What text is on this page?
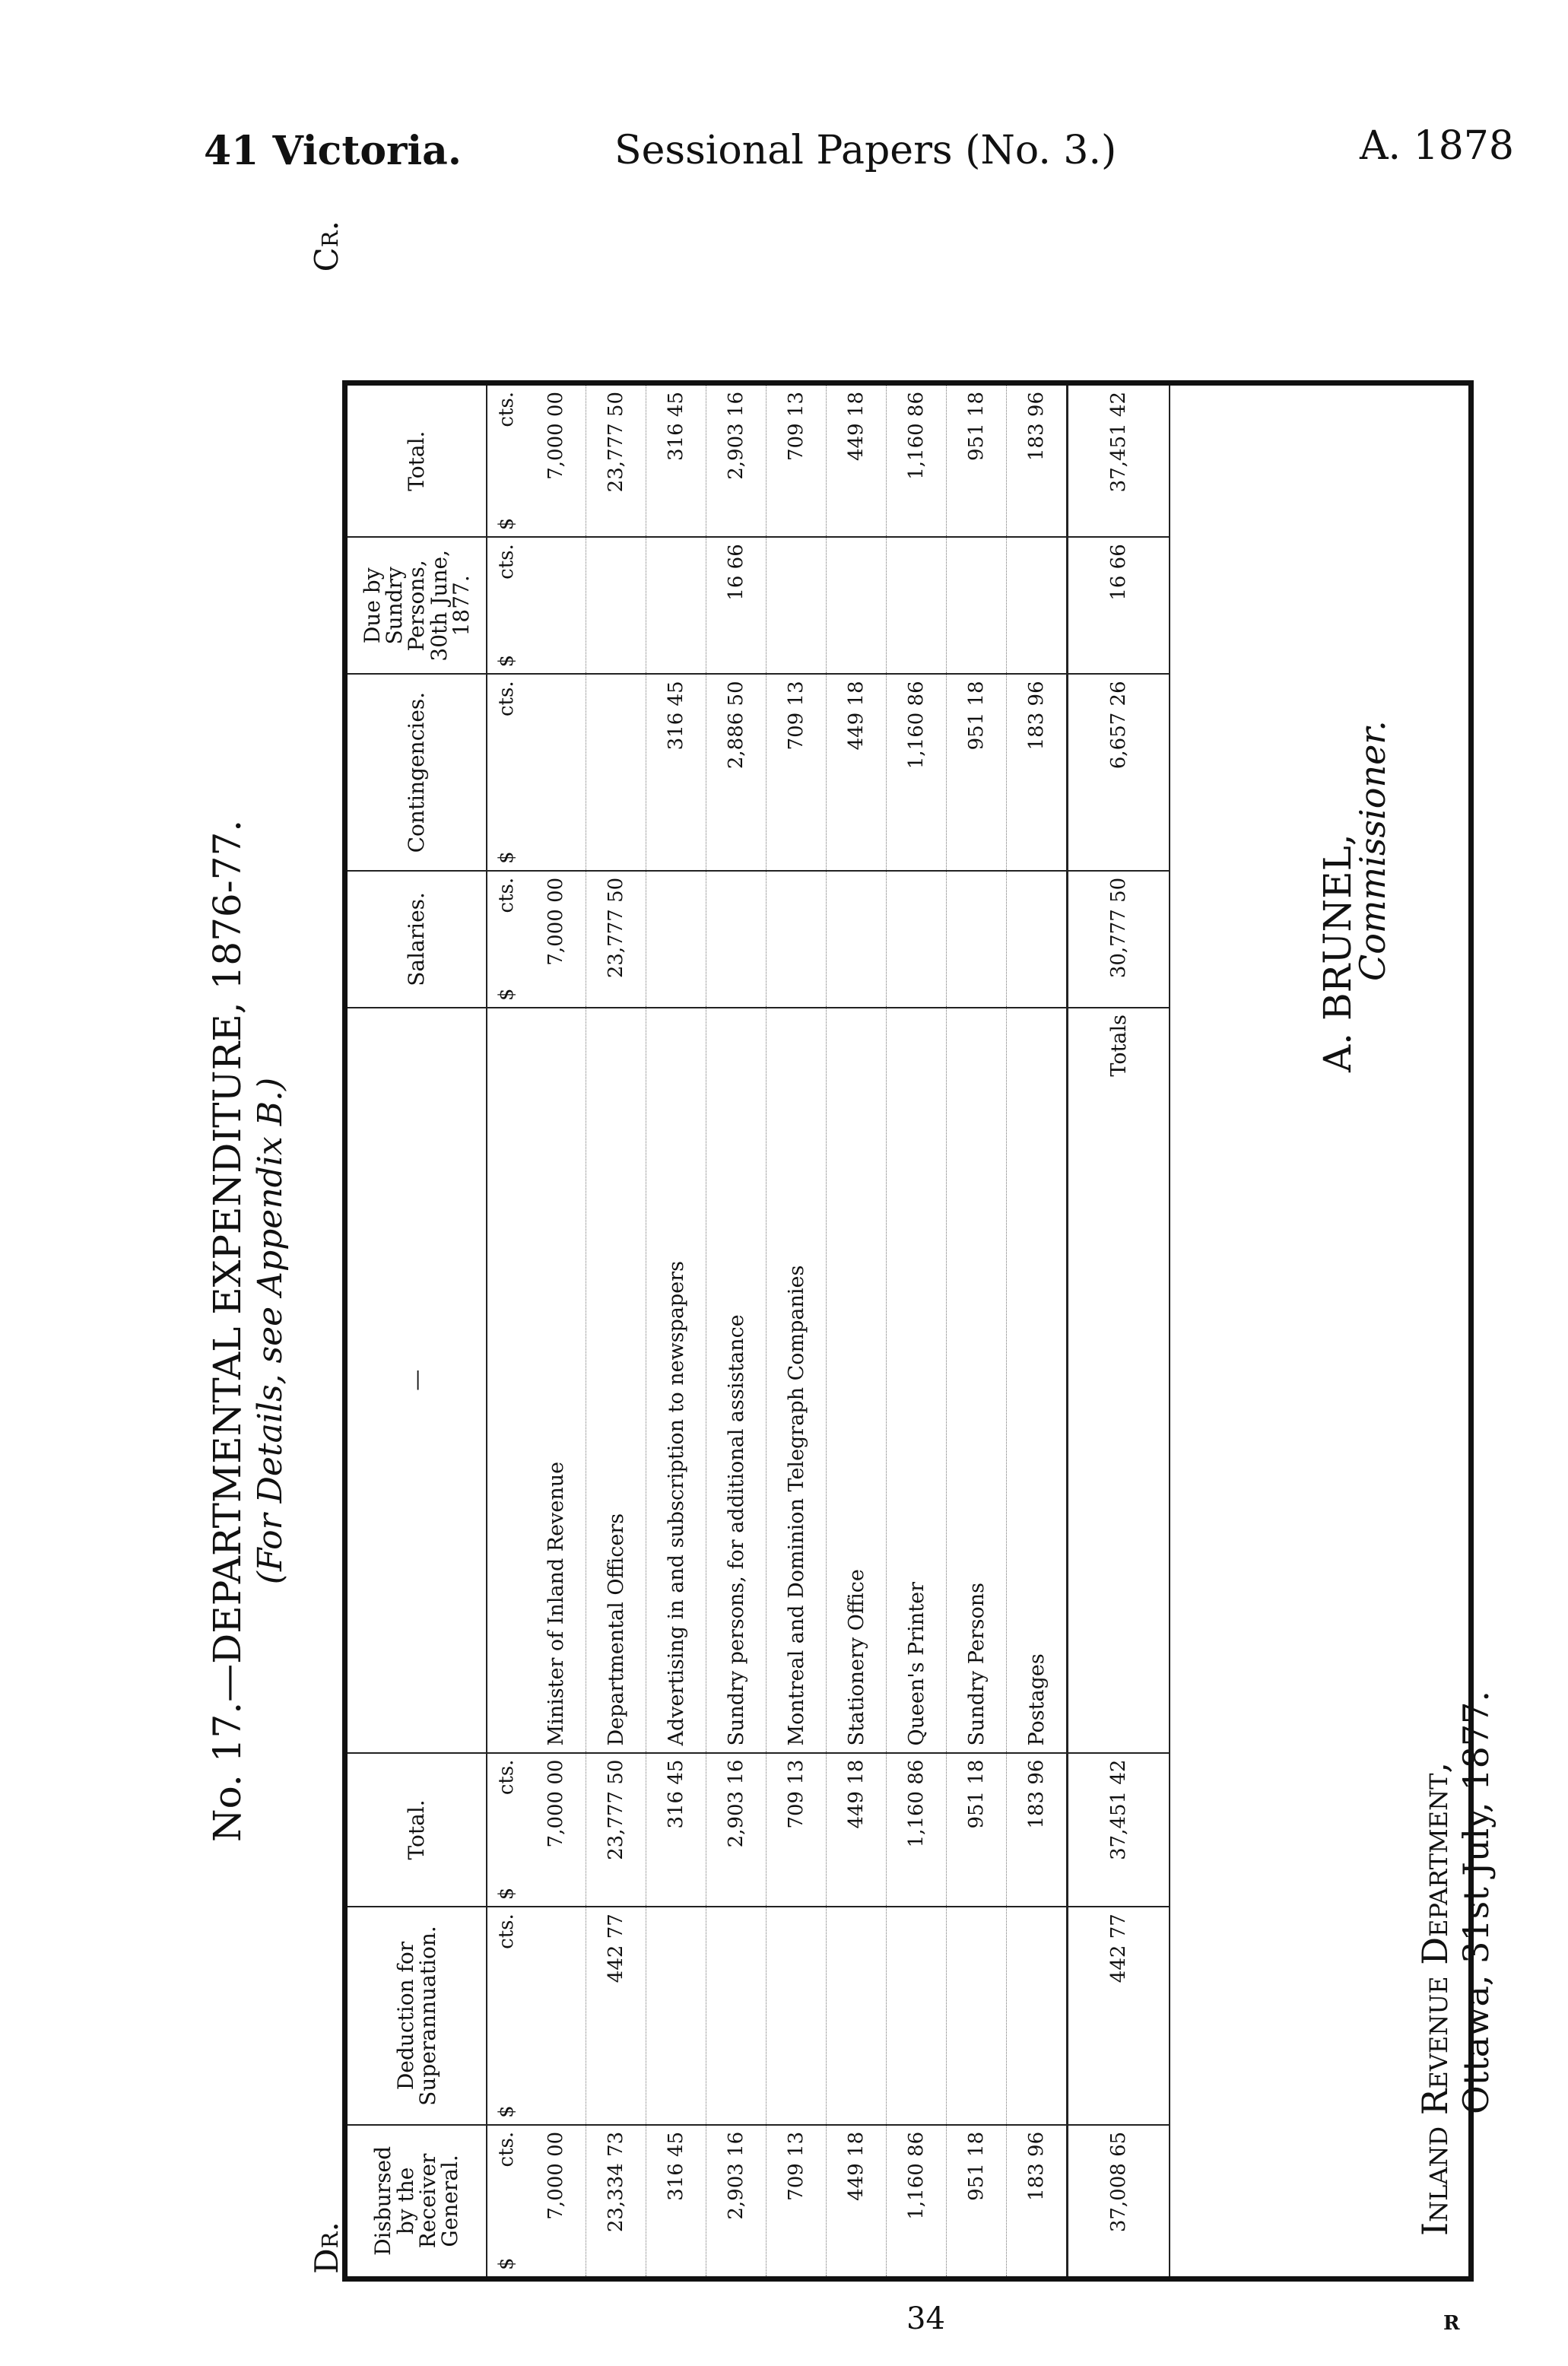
41 Victoria.	Sessional Papers (No. 3.)	A. 1878
No. 17.—DEPARTMENTAL EXPENDITURE, 1876-77. (For Details, see Appendix B.)
Dr.
Cr.
Disbursed by the Receiver General.	Deduction for Superannuation.	Total.	—	Salaries.	Contingencies.	Due by Sundry Persons, 30th June, 1877.	Total.

$
cts.	$
cts.	$
cts.		$
cts.	$
cts.	$
cts.	$
cts.

7,000 00		7,000 00	Minister of Inland Revenue	7,000 00			7,000 00
23,334 73	442 77	23,777 50	Departmental Officers	23,777 50			23,777 50
316 45		316 45	Advertising in and subscription to newspapers		316 45		316 45
2,903 16		2,903 16	Sundry persons, for additional assistance		2,886 50	16 66	2,903 16
709 13		709 13	Montreal and Dominion Telegraph Companies		709 13		709 13
449 18		449 18	Stationery Office		449 18		449 18
1,160 86		1,160 86	Queen's Printer		1,160 86		1,160 86
951 18		951 18	Sundry Persons		951 18		951 18
183 96		183 96	Postages		183 96		183 96
37,008 65	442 77	37,451 42	Totals	30,777 50	6,657 26	16 66	37,451 42

A. BRUNEL,
Commissioner.
Inland Revenue Department, Ottawa, 31st July, 1877.
34	R
